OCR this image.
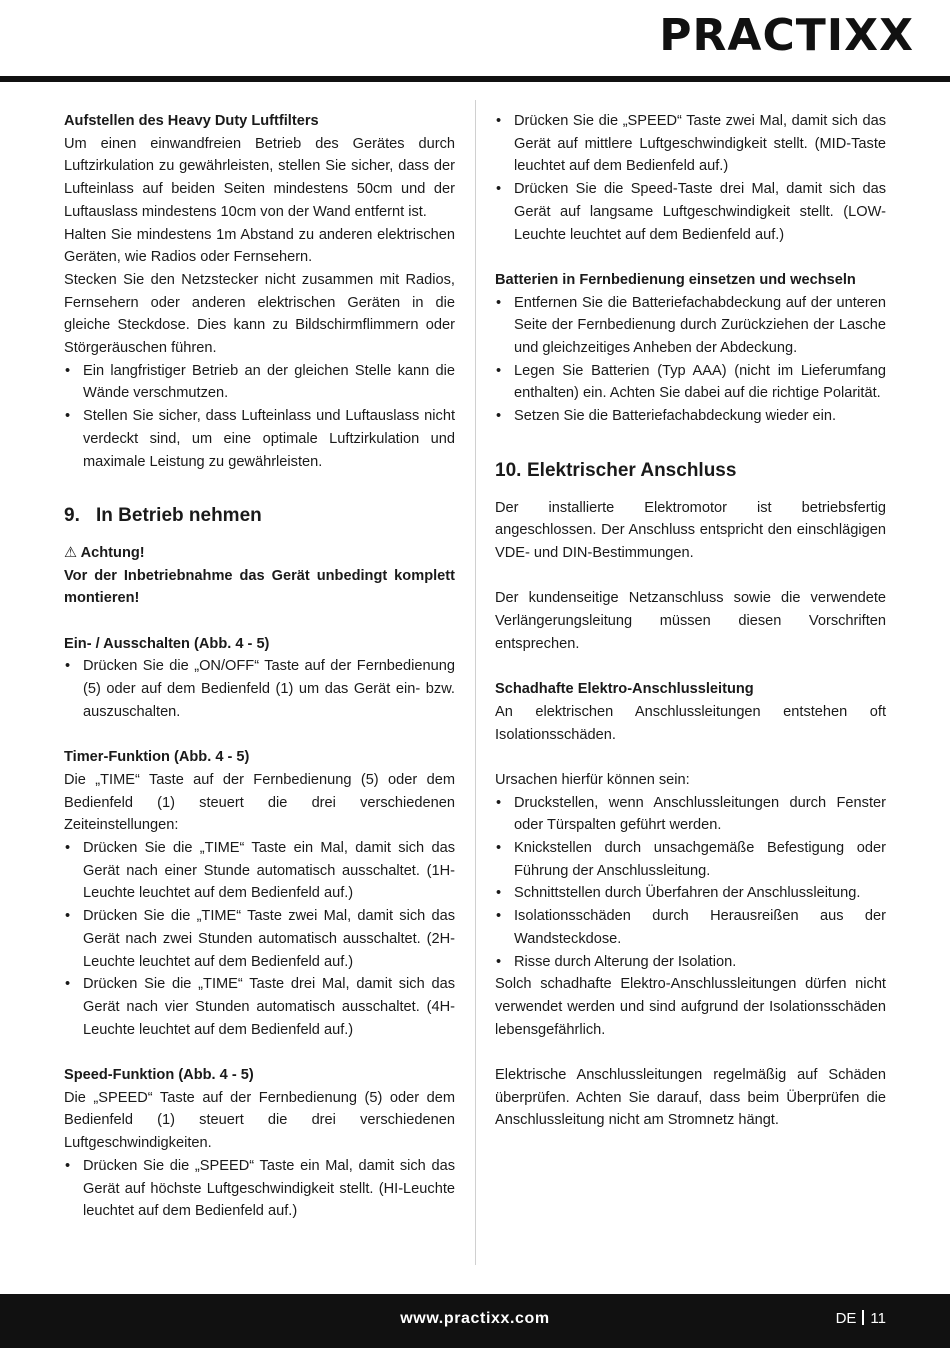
PRACTIXX

Aufstellen des Heavy Duty Luftfilters

Um einen einwandfreien Betrieb des Gerätes durch Luftzirkulation zu gewährleisten, stellen Sie sicher, dass der Lufteinlass auf beiden Seiten mindestens 50cm und der Luftauslass mindestens 10cm von der Wand entfernt ist.

Halten Sie mindestens 1m Abstand zu anderen elektrischen Geräten, wie Radios oder Fernsehern.

Stecken Sie den Netzstecker nicht zusammen mit Radios, Fernsehern oder anderen elektrischen Geräten in die gleiche Steckdose. Dies kann zu Bildschirmflimmern oder Störgeräuschen führen.

• Ein langfristiger Betrieb an der gleichen Stelle kann die Wände verschmutzen.
• Stellen Sie sicher, dass Lufteinlass und Luftauslass nicht verdeckt sind, um eine optimale Luftzirkulation und maximale Leistung zu gewährleisten.
9. In Betrieb nehmen

⚠ Achtung!

Vor der Inbetriebnahme das Gerät unbedingt komplett montieren!

Ein- / Ausschalten (Abb. 4 - 5)

• Drücken Sie die „ON/OFF“ Taste auf der Fernbedienung (5) oder auf dem Bedienfeld (1) um das Gerät ein- bzw. auszuschalten.

Timer-Funktion (Abb. 4 - 5)

Die „TIME“ Taste auf der Fernbedienung (5) oder dem Bedienfeld (1) steuert die drei verschiedenen Zeiteinstellungen:

• Drücken Sie die „TIME“ Taste ein Mal, damit sich das Gerät nach einer Stunde automatisch ausschaltet. (1H-Leuchte leuchtet auf dem Bedienfeld auf.)
• Drücken Sie die „TIME“ Taste zwei Mal, damit sich das Gerät nach zwei Stunden automatisch ausschaltet. (2H-Leuchte leuchtet auf dem Bedienfeld auf.)
• Drücken Sie die „TIME“ Taste drei Mal, damit sich das Gerät nach vier Stunden automatisch ausschaltet. (4H-Leuchte leuchtet auf dem Bedienfeld auf.)

Speed-Funktion (Abb. 4 - 5)

Die „SPEED“ Taste auf der Fernbedienung (5) oder dem Bedienfeld (1) steuert die drei verschiedenen Luftgeschwindigkeiten.

• Drücken Sie die „SPEED“ Taste ein Mal, damit sich das Gerät auf höchste Luftgeschwindigkeit stellt. (HI-Leuchte leuchtet auf dem Bedienfeld auf.)
• Drücken Sie die „SPEED“ Taste zwei Mal, damit sich das Gerät auf mittlere Luftgeschwindigkeit stellt. (MID-Taste leuchtet auf dem Bedienfeld auf.)
• Drücken Sie die Speed-Taste drei Mal, damit sich das Gerät auf langsame Luftgeschwindigkeit stellt. (LOW-Leuchte leuchtet auf dem Bedienfeld auf.)

Batterien in Fernbedienung einsetzen und wechseln

• Entfernen Sie die Batteriefachabdeckung auf der unteren Seite der Fernbedienung durch Zurückziehen der Lasche und gleichzeitiges Anheben der Abdeckung.
• Legen Sie Batterien (Typ AAA) (nicht im Lieferumfang enthalten) ein. Achten Sie dabei auf die richtige Polarität.
• Setzen Sie die Batteriefachabdeckung wieder ein.
10. Elektrischer Anschluss

Der installierte Elektromotor ist betriebsfertig angeschlossen. Der Anschluss entspricht den einschlägigen VDE- und DIN-Bestimmungen.

Der kundenseitige Netzanschluss sowie die verwendete Verlängerungsleitung müssen diesen Vorschriften entsprechen.

Schadhafte Elektro-Anschlussleitung

An elektrischen Anschlussleitungen entstehen oft Isolationsschäden.

Ursachen hierfür können sein:

• Druckstellen, wenn Anschlussleitungen durch Fenster oder Türspalten geführt werden.
• Knickstellen durch unsachgemäße Befestigung oder Führung der Anschlussleitung.
• Schnittstellen durch Überfahren der Anschlussleitung.
• Isolationsschäden durch Herausreißen aus der Wandsteckdose.
• Risse durch Alterung der Isolation.

Solch schadhafte Elektro-Anschlussleitungen dürfen nicht verwendet werden und sind aufgrund der Isolationsschäden lebensgefährlich.

Elektrische Anschlussleitungen regelmäßig auf Schäden überprüfen. Achten Sie darauf, dass beim Überprüfen die Anschlussleitung nicht am Stromnetz hängt.

www.practixx.com	DE 11
